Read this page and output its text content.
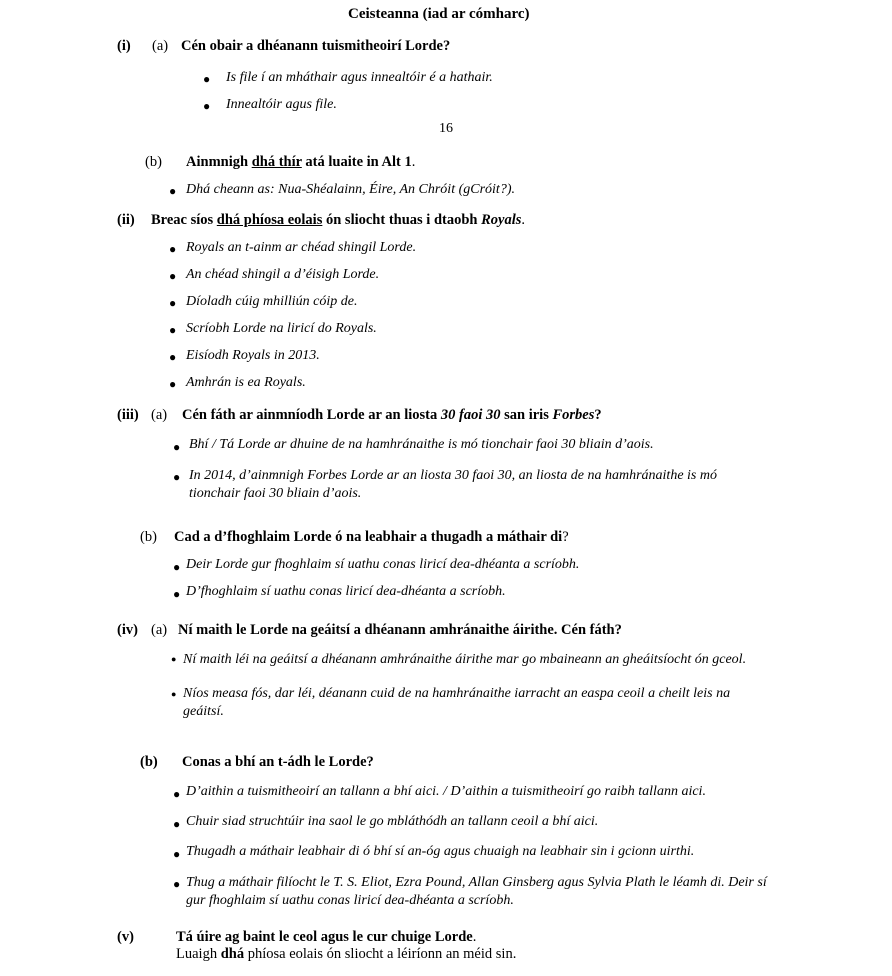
Ceisteanna (iad ar cómharc)
(i) (a) Cén obair a dhéanann tuismitheoirí Lorde?
● Is file í an mháthair agus innealtóir é a hathair.
● Innealtóir agus file.
16
(b) Ainmnigh dhá thír atá luaite in Alt 1.
● Dhá cheann as: Nua-Shéalainn, Éire, An Chróit (gCróit?).
(ii) Breac síos dhá phíosa eolais ón sliocht thuas i dtaobh Royals.
● Royals an t-ainm ar chéad shingil Lorde.
● An chéad shingil a d’éisigh Lorde.
● Díoladh cúig mhilliún cóip de.
● Scríobh Lorde na liricí do Royals.
● Eisíodh Royals in 2013.
● Amhrán is ea Royals.
(iii) (a) Cén fáth ar ainmníodh Lorde ar an liosta 30 faoi 30 san iris Forbes?
● Bhí / Tá Lorde ar dhuine de na hamhránaithe is mó tionchair faoi 30 bliain d’aois.
● In 2014, d’ainmnigh Forbes Lorde ar an liosta 30 faoi 30, an liosta de na hamhránaithe is mó tionchair faoi 30 bliain d’aois.
(b) Cad a d’fhoghlaim Lorde ó na leabhair a thugadh a máthair di?
● Deir Lorde gur fhoghlaim sí uathu conas liricí dea-dhéanta a scríobh.
● D’fhoghlaim sí uathu conas liricí dea-dhéanta a scríobh.
(iv) (a) Ní maith le Lorde na geáitsí a dhéanann amhránaithe áirithe. Cén fáth?
● Ní maith léi na geáitsí a dhéanann amhránaithe áirithe mar go mbaineann an gheáitsíocht ón gceol.
● Níos measa fós, dar léi, déanann cuid de na hamhránaithe iarracht an easpa ceoil a cheilt leis na geáitsí.
(b) Conas a bhí an t-ádh le Lorde?
● D’aithin a tuismitheoirí an tallann a bhí aici. / D’aithin a tuismitheoirí go raibh tallann aici.
● Chuir siad struchtúir ina saol le go mbláthódh an tallann ceoil a bhí aici.
● Thugadh a máthair leabhair di ó bhí sí an-óg agus chuaigh na leabhair sin i gcionn uirthi.
● Thug a máthair filíocht le T. S. Eliot, Ezra Pound, Allan Ginsberg agus Sylvia Plath le léamh di. Deir sí gur fhoghlaim sí uathu conas liricí dea-dhéanta a scríobh.
(v)	Tá úire ag baint le ceol agus le cur chuige Lorde.
Luaigh dhá phíosa eolais ón sliocht a léiríonn an méid sin.
